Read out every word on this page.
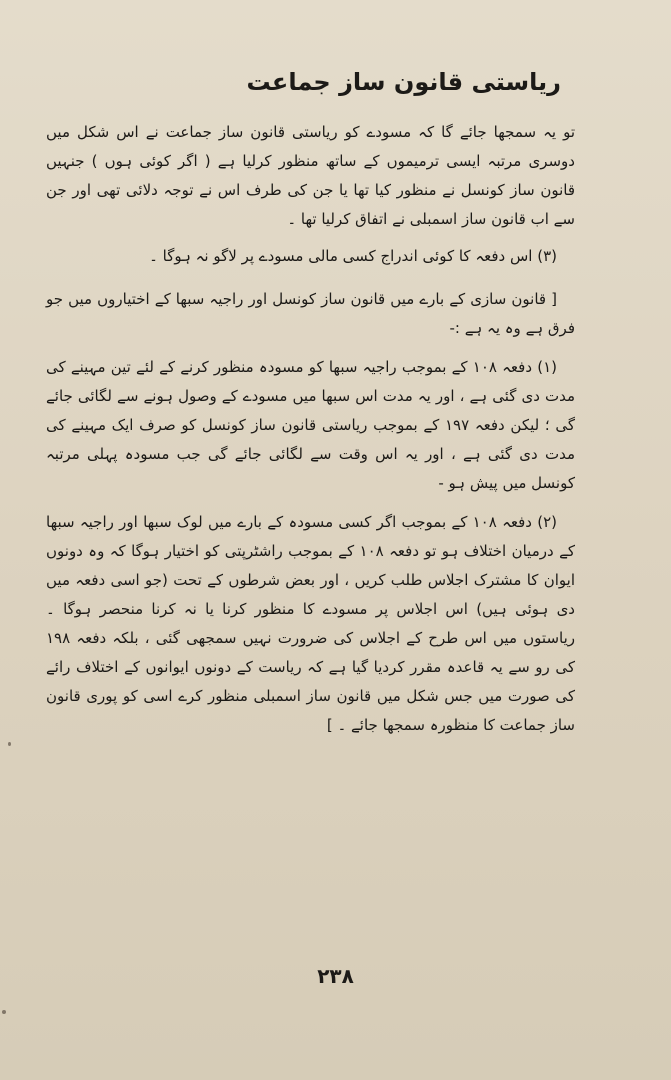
ریاستی قانون ساز جماعت

تو یہ سمجھا جائے گا کہ مسودے کو ریاستی قانون ساز جماعت نے اس شکل میں دوسری مرتبہ ایسی ترمیموں کے ساتھ منظور کرلیا ہے ( اگر کوئی ہوں ) جنہیں قانون ساز کونسل نے منظور کیا تھا یا جن کی طرف اس نے توجہ دلائی تھی اور جن سے اب قانون ساز اسمبلی نے اتفاق کرلیا تھا ۔

(۳) اس دفعہ کا کوئی اندراج کسی مالی مسودے پر لاگو نہ ہوگا ۔

[ قانون سازی کے بارے میں قانون ساز کونسل اور راجیہ سبھا کے اختیاروں میں جو فرق ہے وہ یہ ہے :-

(۱) دفعہ ۱۰۸ کے بموجب راجیہ سبھا کو مسودہ منظور کرنے کے لئے تین مہینے کی مدت دی گئی ہے ، اور یہ مدت اس سبھا میں مسودے کے وصول ہونے سے لگائی جائے گی ؛ لیکن دفعہ ۱۹۷ کے بموجب ریاستی قانون ساز کونسل کو صرف ایک مہینے کی مدت دی گئی ہے ، اور یہ اس وقت سے لگائی جائے گی جب مسودہ پہلی مرتبہ کونسل میں پیش ہو -

(۲) دفعہ ۱۰۸ کے بموجب اگر کسی مسودہ کے بارے میں لوک سبھا اور راجیہ سبھا کے درمیان اختلاف ہو تو دفعہ ۱۰۸ کے بموجب راشٹرپتی کو اختیار ہوگا کہ وہ دونوں ایوان کا مشترک اجلاس طلب کریں ، اور بعض شرطوں کے تحت (جو اسی دفعہ میں دی ہوئی ہیں) اس اجلاس پر مسودے کا منظور کرنا یا نہ کرنا منحصر ہوگا ۔ ریاستوں میں اس طرح کے اجلاس کی ضرورت نہیں سمجھی گئی ، بلکہ دفعہ ۱۹۸ کی رو سے یہ قاعدہ مقرر کردیا گیا ہے کہ ریاست کے دونوں ایوانوں کے اختلاف رائے کی صورت میں جس شکل میں قانون ساز اسمبلی منظور کرے اسی کو پوری قانون ساز جماعت کا منظورہ سمجھا جائے ۔ ]

۲۳۸
